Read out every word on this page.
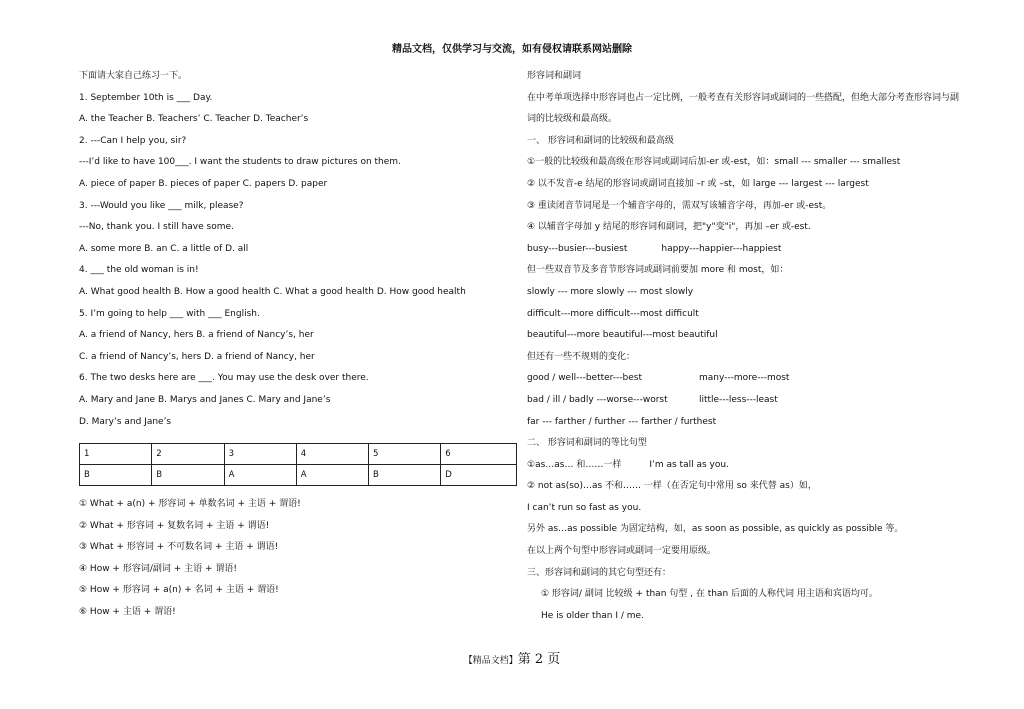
精品文档，仅供学习与交流，如有侵权请联系网站删除
下面请大家自己练习一下。
1. September 10th is ___ Day.
A. the Teacher B. Teachers’ C. Teacher D. Teacher’s
2. ---Can I help you, sir?
---I’d like to have 100___. I want the students to draw pictures on them.
A. piece of paper B. pieces of paper C. papers D. paper
3. ---Would you like ___ milk, please?
---No, thank you. I still have some.
A. some more B. an C. a little of D. all
4. ___ the old woman is in!
A. What good health B. How a good health C. What a good health D. How good health
5. I’m going to help ___ with ___ English.
A. a friend of Nancy, hers B. a friend of Nancy’s, her
C. a friend of Nancy’s, hers D. a friend of Nancy, her
6. The two desks here are ___. You may use the desk over there.
A. Mary and Jane B. Marys and Janes C. Mary and Jane’s
D. Mary’s and Jane’s
1	2	3	4	5	6
B	B	A	A	B	D
① What + a(n) + 形容词 + 单数名词 + 主语 + 谓语!
② What + 形容词 + 复数名词 + 主语 + 谓语!
③ What + 形容词 + 不可数名词 + 主语 + 谓语!
④ How + 形容词/副词 + 主语 + 谓语!
⑤ How + 形容词 + a(n) + 名词 + 主语 + 谓语!
⑥ How + 主语 + 谓语!
形容词和副词
在中考单项选择中形容词也占一定比例，一般考查有关形容词或副词的一些搭配，但绝大部分考查形容词与副词的比较级和最高级。
一、 形容词和副词的比较级和最高级
①一般的比较级和最高级在形容词或副词后加-er 或-est，如：small --- smaller --- smallest
② 以不发音-e 结尾的形容词或副词直接加 –r 或 –st，如 large --- largest --- largest
③ 重读闭音节词尾是一个辅音字母的，需双写该辅音字母，再加-er 或-est。
④ 以辅音字母加 y 结尾的形容词和副词，把"y"变"i"，再加 –er 或-est.
busy---busier---busiest	happy---happier---happiest
但一些双音节及多音节形容词或副词前要加 more 和 most，如：
slowly --- more slowly --- most slowly
difficult---more difficult---most difficult
beautiful---more beautiful---most beautiful
但还有一些不规则的变化：
good / well---better---best	many---more---most
bad / ill / badly ---worse---worst	little---less---least
far --- farther / further --- farther / furthest
二、 形容词和副词的等比句型
①as…as… 和……一样	I’m as tall as you.
② not as(so)…as 不和…… 一样（在否定句中常用 so 来代替 as）如，
I can’t run so fast as you.
另外 as…as possible 为固定结构，如，as soon as possible, as quickly as possible 等。
在以上两个句型中形容词或副词一定要用原级。
三、形容词和副词的其它句型还有：
① 形容词/ 副词 比较级 + than 句型 , 在 than 后面的人称代词 用主语和宾语均可。
He is older than I / me.
【精品文档】第 2 页
